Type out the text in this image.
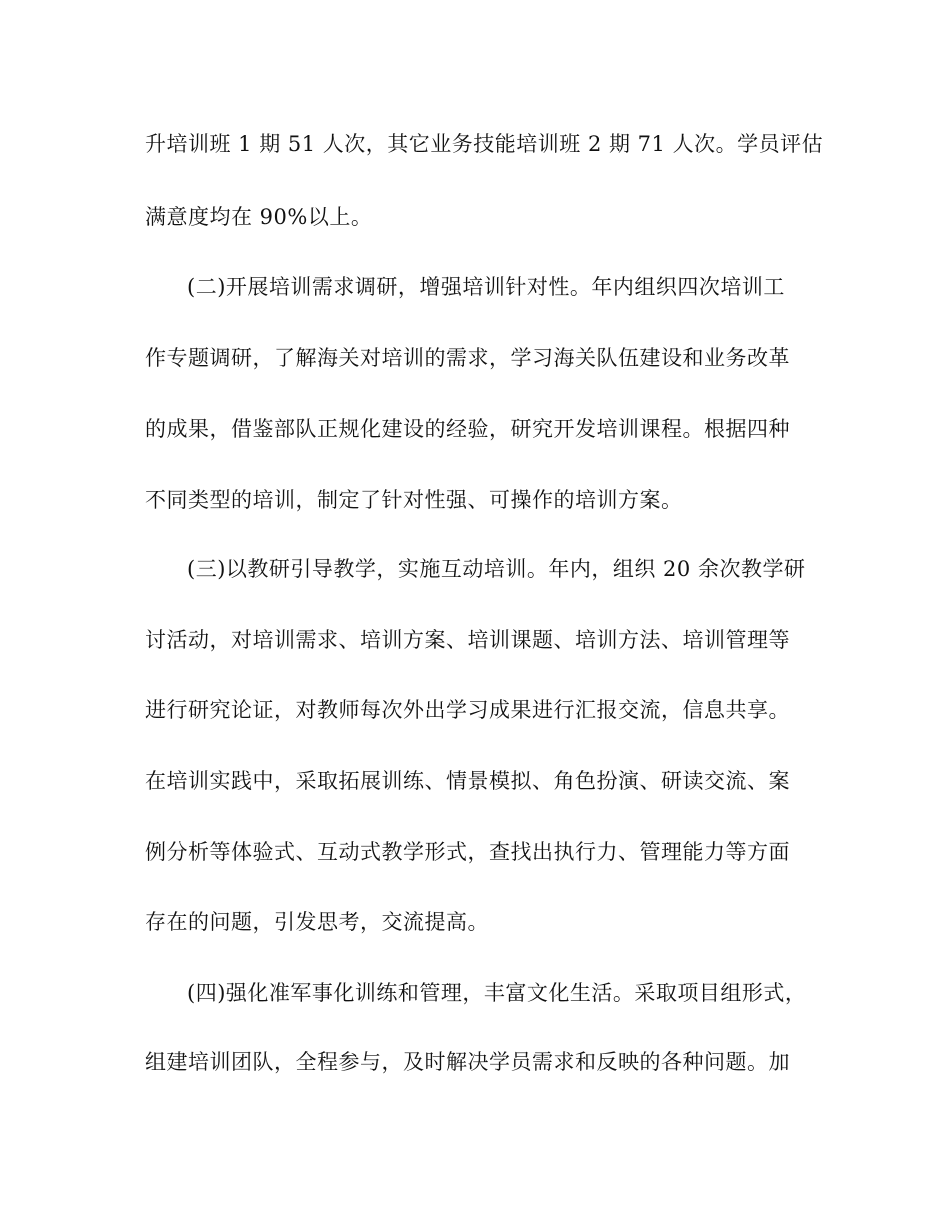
升培训班 1 期 51 人次，其它业务技能培训班 2 期 71 人次。学员评估
满意度均在 90%以上。
(二)开展培训需求调研，增强培训针对性。年内组织四次培训工
作专题调研，了解海关对培训的需求，学习海关队伍建设和业务改革
的成果，借鉴部队正规化建设的经验，研究开发培训课程。根据四种
不同类型的培训，制定了针对性强、可操作的培训方案。
(三)以教研引导教学，实施互动培训。年内，组织 20 余次教学研
讨活动，对培训需求、培训方案、培训课题、培训方法、培训管理等
进行研究论证，对教师每次外出学习成果进行汇报交流，信息共享。
在培训实践中，采取拓展训练、情景模拟、角色扮演、研读交流、案
例分析等体验式、互动式教学形式，查找出执行力、管理能力等方面
存在的问题，引发思考，交流提高。
(四)强化准军事化训练和管理，丰富文化生活。采取项目组形式，
组建培训团队，全程参与，及时解决学员需求和反映的各种问题。加
